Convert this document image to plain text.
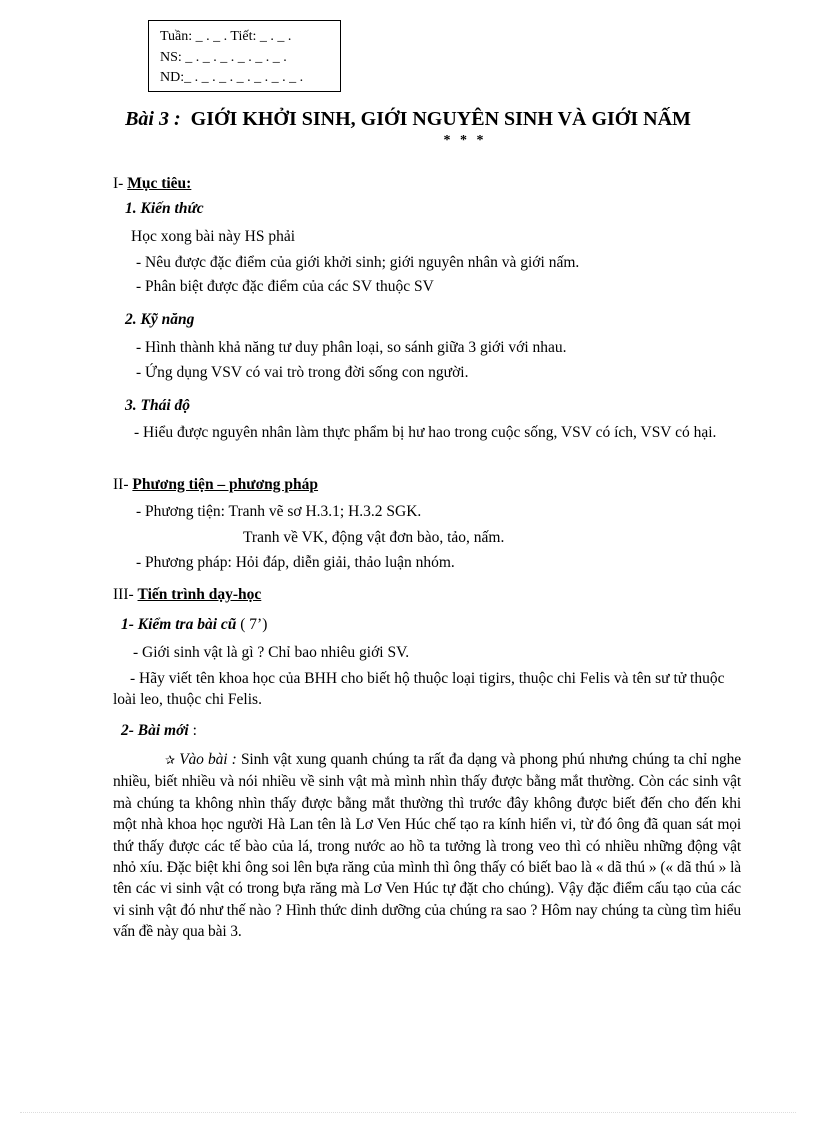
Tuần: _ . _ . Tiết: _ . _ .
NS: _ . _ . _ . _ . _ . _ .
ND:_ . _ . _ . _ . _ . _ . _ .
Bài 3 : GIỚI KHỞI SINH, GIỚI NGUYÊN SINH VÀ GIỚI NẤM
* * *
I- Mục tiêu:
1. Kiến thức
Học xong bài này HS phải
- Nêu được đặc điểm của giới khởi sinh; giới nguyên nhân và giới nấm.
- Phân biệt được đặc điểm của các SV thuộc SV
2. Kỹ năng
- Hình thành khả năng tư duy phân loại, so sánh giữa 3 giới với nhau.
- Ứng dụng VSV có vai trò trong đời sống con người.
3. Thái độ
- Hiểu được nguyên nhân làm thực phẩm bị hư hao trong cuộc sống, VSV có ích, VSV có hại.
II- Phương tiện – phương pháp
- Phương tiện: Tranh vẽ sơ H.3.1; H.3.2 SGK.
Tranh về VK, động vật đơn bào, tảo, nấm.
- Phương pháp: Hỏi đáp, diễn giải, thảo luận nhóm.
III- Tiến trình dạy-học
1- Kiểm tra bài cũ ( 7’)
- Giới sinh vật là gì ? Chỉ bao nhiêu giới SV.
- Hãy viết tên khoa học của BHH cho biết hộ thuộc loại tigirs, thuộc chi Felis và tên sư tử thuộc loài leo, thuộc chi Felis.
2- Bài mới :
✰ Vào bài : Sinh vật xung quanh chúng ta rất đa dạng và phong phú nhưng chúng ta chỉ nghe nhiều, biết nhiều và nói nhiều về sinh vật mà mình nhìn thấy được bằng mắt thường. Còn các sinh vật mà chúng ta không nhìn thấy được bằng mắt thường thì trước đây không được biết đến cho đến khi một nhà khoa học người Hà Lan tên là Lơ Ven Húc chế tạo ra kính hiển vi, từ đó ông đã quan sát mọi thứ thấy được các tế bào của lá, trong nước ao hồ ta tưởng là trong veo thì có nhiều những động vật nhỏ xíu. Đặc biệt khi ông soi lên bựa răng của mình thì ông thấy có biết bao là « dã thú » (« dã thú » là tên các vi sinh vật có trong bựa răng mà Lơ Ven Húc tự đặt cho chúng). Vậy đặc điểm cấu tạo của các vi sinh vật đó như thế nào ? Hình thức dinh dưỡng của chúng ra sao ? Hôm nay chúng ta cùng tìm hiểu vấn đề này qua bài 3.
